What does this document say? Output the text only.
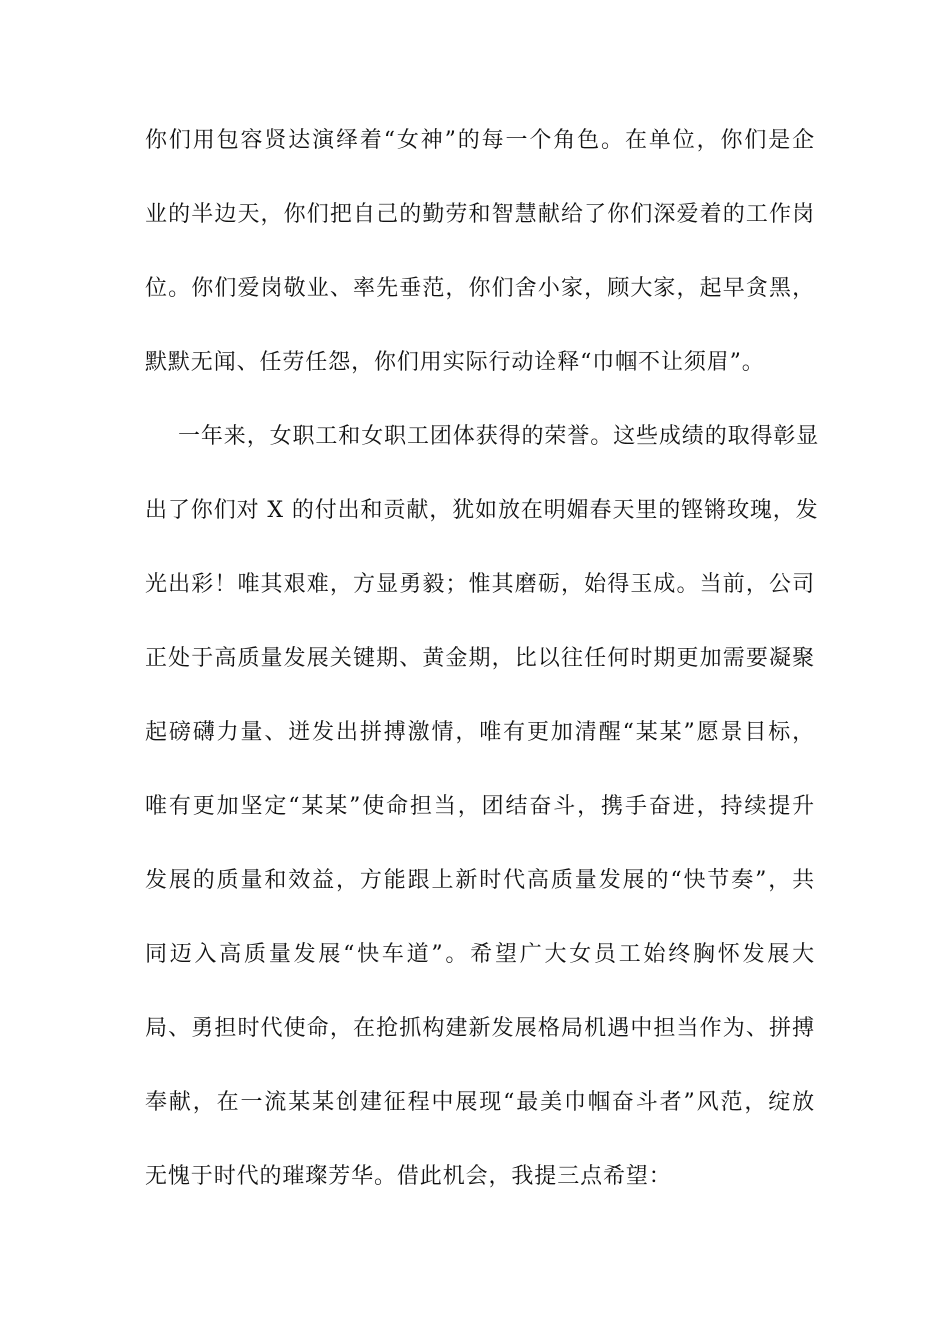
你们用包容贤达演绎着“女神”的每一个角色。在单位，你们是企
业的半边天，你们把自己的勤劳和智慧献给了你们深爱着的工作岗
位。你们爱岗敬业、率先垂范，你们舍小家，顾大家，起早贪黑，
默默无闻、任劳任怨，你们用实际行动诠释“巾帼不让须眉”。
一年来，女职工和女职工团体获得的荣誉。这些成绩的取得彰显
出了你们对 X 的付出和贡献，犹如放在明媚春天里的铿锵玫瑰，发
光出彩！唯其艰难，方显勇毅；惟其磨砺，始得玉成。当前，公司
正处于高质量发展关键期、黄金期，比以往任何时期更加需要凝聚
起磅礴力量、迸发出拼搏激情，唯有更加清醒“某某”愿景目标，
唯有更加坚定“某某”使命担当，团结奋斗，携手奋进，持续提升
发展的质量和效益，方能跟上新时代高质量发展的“快节奏”，共
同迈入高质量发展“快车道”。希望广大女员工始终胸怀发展大
局、勇担时代使命，在抢抓构建新发展格局机遇中担当作为、拼搏
奉献，在一流某某创建征程中展现“最美巾帼奋斗者”风范，绽放
无愧于时代的璀璨芳华。借此机会，我提三点希望：
